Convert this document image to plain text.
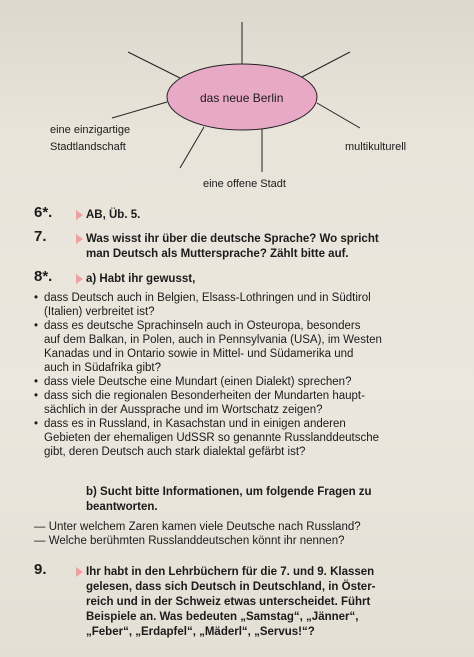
das neue Berlin
eine einzigartige
Stadtlandschaft	multikulturell
eine offene Stadt
6*.	AB, Üb. 5.
7.	Was wisst ihr über die deutsche Sprache? Wo spricht
man Deutsch als Muttersprache? Zählt bitte auf.
8*.	a) Habt ihr gewusst,
• dass Deutsch auch in Belgien, Elsass-Lothringen und in Südtirol
(Italien) verbreitet ist?
• dass es deutsche Sprachinseln auch in Osteuropa, besonders
auf dem Balkan, in Polen, auch in Pennsylvania (USA), im Westen
Kanadas und in Ontario sowie in Mittel- und Südamerika und
auch in Südafrika gibt?
• dass viele Deutsche eine Mundart (einen Dialekt) sprechen?
• dass sich die regionalen Besonderheiten der Mundarten haupt-
sächlich in der Aussprache und im Wortschatz zeigen?
• dass es in Russland, in Kasachstan und in einigen anderen
Gebieten der ehemaligen UdSSR so genannte Russlanddeutsche
gibt, deren Deutsch auch stark dialektal gefärbt ist?
b) Sucht bitte Informationen, um folgende Fragen zu
beantworten.
— Unter welchem Zaren kamen viele Deutsche nach Russland?
— Welche berühmten Russlanddeutschen könnt ihr nennen?
9.	Ihr habt in den Lehrbüchern für die 7. und 9. Klassen
gelesen, dass sich Deutsch in Deutschland, in Öster-
reich und in der Schweiz etwas unterscheidet. Führt
Beispiele an. Was bedeuten „Samstag“, „Jänner“,
„Feber“, „Erdapfel“, „Mäderl“, „Servus!“?
